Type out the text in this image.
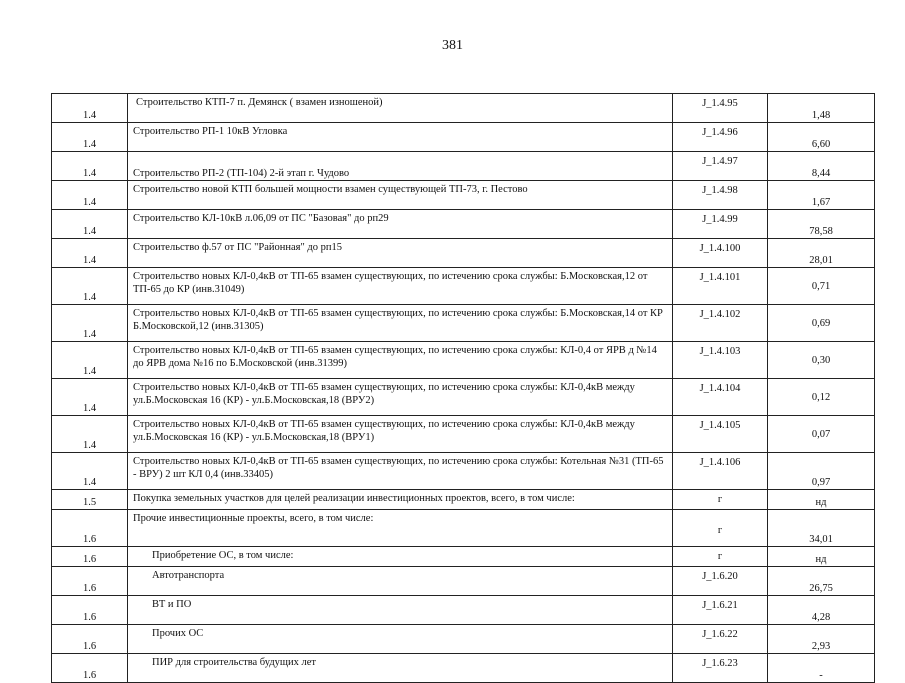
381
1.4	Строительство КТП-7 п. Демянск ( взамен изношеной)	J_1.4.95	1,48
1.4	Строительство РП-1 10кВ Угловка	J_1.4.96	6,60
1.4	Строительство РП-2 (ТП-104) 2-й этап г. Чудово	J_1.4.97	8,44
1.4	Строительство новой КТП большей мощности взамен существующей ТП-73, г. Пестово	J_1.4.98	1,67
1.4	Строительство КЛ-10кВ л.06,09 от ПС "Базовая" до рп29	J_1.4.99	78,58
1.4	Строительство ф.57 от ПС "Районная" до рп15	J_1.4.100	28,01
1.4	Строительство новых КЛ-0,4кВ от ТП-65 взамен существующих, по истечению срока службы: Б.Московская,12 от ТП-65 до КР (инв.31049)	J_1.4.101	0,71
1.4	Строительство новых КЛ-0,4кВ от ТП-65 взамен существующих, по истечению срока службы: Б.Московская,14 от КР Б.Московской,12 (инв.31305)	J_1.4.102	0,69
1.4	Строительство новых КЛ-0,4кВ от ТП-65 взамен существующих, по истечению срока службы: КЛ-0,4 от ЯРВ д №14 до ЯРВ дома №16 по Б.Московской (инв.31399)	J_1.4.103	0,30
1.4	Строительство новых КЛ-0,4кВ от ТП-65 взамен существующих, по истечению срока службы: КЛ-0,4кВ между ул.Б.Московская 16 (КР) - ул.Б.Московская,18 (ВРУ2)	J_1.4.104	0,12
1.4	Строительство новых КЛ-0,4кВ от ТП-65 взамен существующих, по истечению срока службы: КЛ-0,4кВ между ул.Б.Московская 16 (КР) - ул.Б.Московская,18 (ВРУ1)	J_1.4.105	0,07
1.4	Строительство новых КЛ-0,4кВ от ТП-65 взамен существующих, по истечению срока службы: Котельная №31 (ТП-65 - ВРУ) 2 шт КЛ 0,4 (инв.33405)	J_1.4.106	0,97
1.5	Покупка земельных участков для целей реализации инвестиционных проектов, всего, в том числе:	г	нд
1.6	Прочие инвестиционные проекты, всего, в том числе:	г	34,01
1.6	Приобретение ОС, в том числе:	г	нд
1.6	Автотранспорта	J_1.6.20	26,75
1.6	ВТ и ПО	J_1.6.21	4,28
1.6	Прочих ОС	J_1.6.22	2,93
1.6	ПИР для строительства будущих лет	J_1.6.23	-
